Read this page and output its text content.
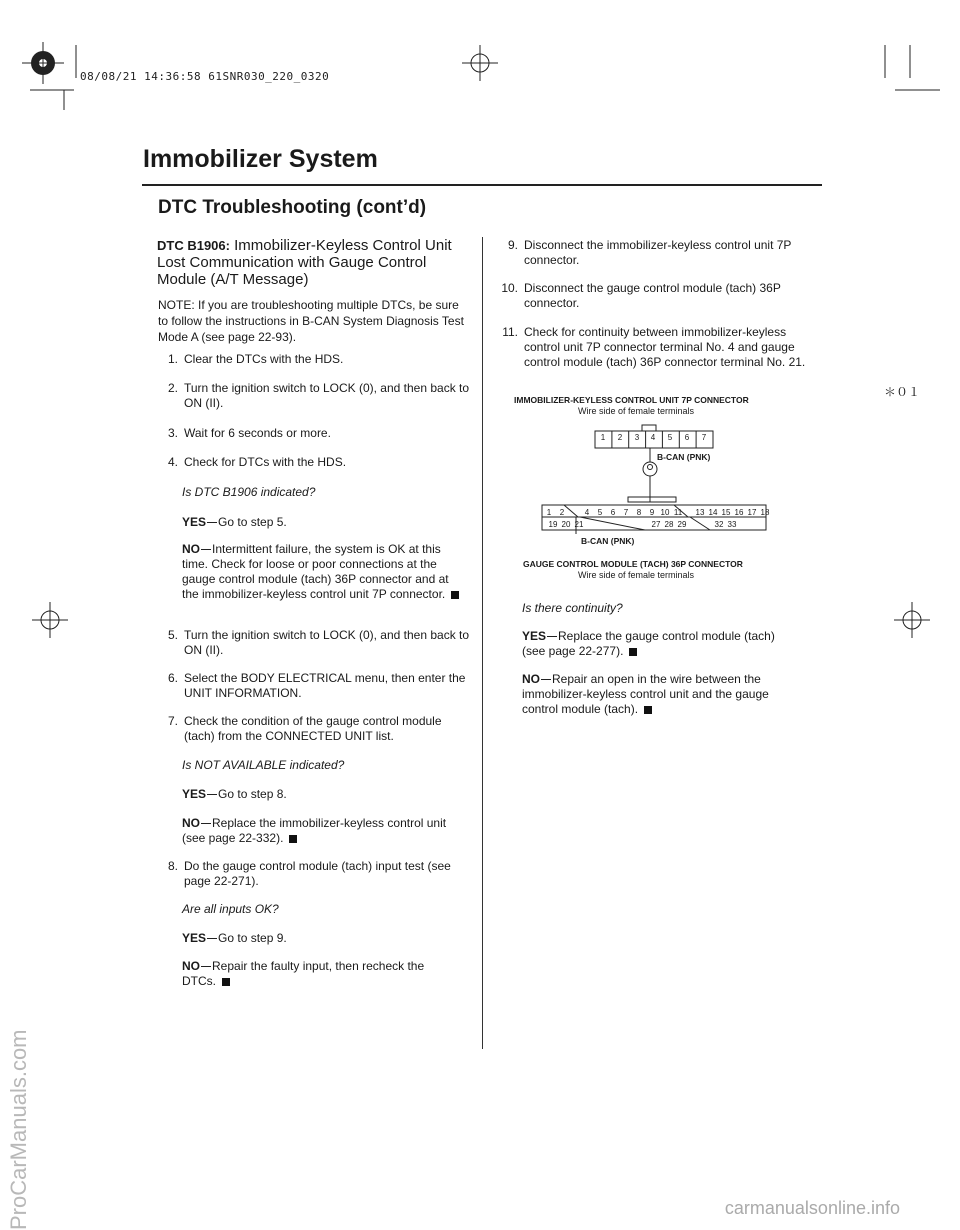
08/08/21 14:36:58 61SNR030_220_0320
Immobilizer System
DTC Troubleshooting (cont’d)
＊０１
DTC B1906: Immobilizer-Keyless Control Unit Lost Communication with Gauge Control Module (A/T Message)
NOTE: If you are troubleshooting multiple DTCs, be sure to follow the instructions in B-CAN System Diagnosis Test Mode A (see page 22-93).
1. Clear the DTCs with the HDS.
2. Turn the ignition switch to LOCK (0), and then back to ON (II).
3. Wait for 6 seconds or more.
4. Check for DTCs with the HDS.
Is DTC B1906 indicated?
YES Go to step 5.
NO Intermittent failure, the system is OK at this time. Check for loose or poor connections at the gauge control module (tach) 36P connector and at the immobilizer-keyless control unit 7P connector.
5. Turn the ignition switch to LOCK (0), and then back to ON (II).
6. Select the BODY ELECTRICAL menu, then enter the UNIT INFORMATION.
7. Check the condition of the gauge control module (tach) from the CONNECTED UNIT list.
Is NOT AVAILABLE indicated?
YES Go to step 8.
NO Replace the immobilizer-keyless control unit (see page 22-332).
8. Do the gauge control module (tach) input test (see page 22-271).
Are all inputs OK?
YES Go to step 9.
NO Repair the faulty input, then recheck the DTCs.
9. Disconnect the immobilizer-keyless control unit 7P connector.
10. Disconnect the gauge control module (tach) 36P connector.
11. Check for continuity between immobilizer-keyless control unit 7P connector terminal No. 4 and gauge control module (tach) 36P connector terminal No. 21.
IMMOBILIZER-KEYLESS CONTROL UNIT 7P CONNECTOR
Wire side of female terminals
1	2	3	4	5	6	7
B-CAN (PNK)
1	2	4	5	6	7	8	9 10 11 13 14 15 16 17 18
19 20 21	27 28 29	32 33
B-CAN (PNK)
GAUGE CONTROL MODULE (TACH) 36P CONNECTOR
Wire side of female terminals
Is there continuity?
YES Replace the gauge control module (tach) (see page 22-277).
NO Repair an open in the wire between the immobilizer-keyless control unit and the gauge control module (tach).
ProCarManuals.com	carmanualsonline.info
